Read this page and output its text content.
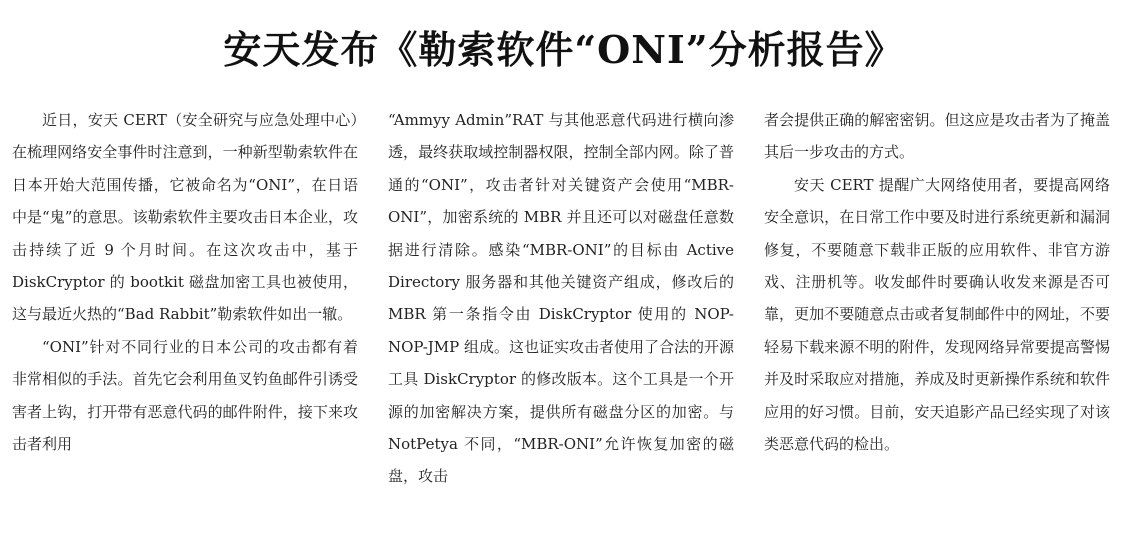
安天发布《勒索软件“ONI”分析报告》

近日，安天 CERT（安全研究与应急处理中心）在梳理网络安全事件时注意到，一种新型勒索软件在日本开始大范围传播，它被命名为“ONI”，在日语中是“鬼”的意思。该勒索软件主要攻击日本企业，攻击持续了近 9 个月时间。在这次攻击中，基于 DiskCryptor 的 bootkit 磁盘加密工具也被使用，这与最近火热的“Bad Rabbit”勒索软件如出一辙。

“ONI”针对不同行业的日本公司的攻击都有着非常相似的手法。首先它会利用鱼叉钓鱼邮件引诱受害者上钩，打开带有恶意代码的邮件附件，接下来攻击者利用

“Ammyy Admin”RAT 与其他恶意代码进行横向渗透，最终获取域控制器权限，控制全部内网。除了普通的“ONI”，攻击者针对关键资产会使用“MBR-ONI”，加密系统的 MBR 并且还可以对磁盘任意数据进行清除。感染“MBR-ONI”的目标由 Active Directory 服务器和其他关键资产组成，修改后的 MBR 第一条指令由 DiskCryptor 使用的 NOP-NOP-JMP 组成。这也证实攻击者使用了合法的开源工具 DiskCryptor 的修改版本。这个工具是一个开源的加密解决方案，提供所有磁盘分区的加密。与 NotPetya 不同，“MBR-ONI”允许恢复加密的磁盘，攻击

者会提供正确的解密密钥。但这应是攻击者为了掩盖其后一步攻击的方式。

安天 CERT 提醒广大网络使用者，要提高网络安全意识，在日常工作中要及时进行系统更新和漏洞修复，不要随意下载非正版的应用软件、非官方游戏、注册机等。收发邮件时要确认收发来源是否可靠，更加不要随意点击或者复制邮件中的网址，不要轻易下载来源不明的附件，发现网络异常要提高警惕并及时采取应对措施，养成及时更新操作系统和软件应用的好习惯。目前，安天追影产品已经实现了对该类恶意代码的检出。
